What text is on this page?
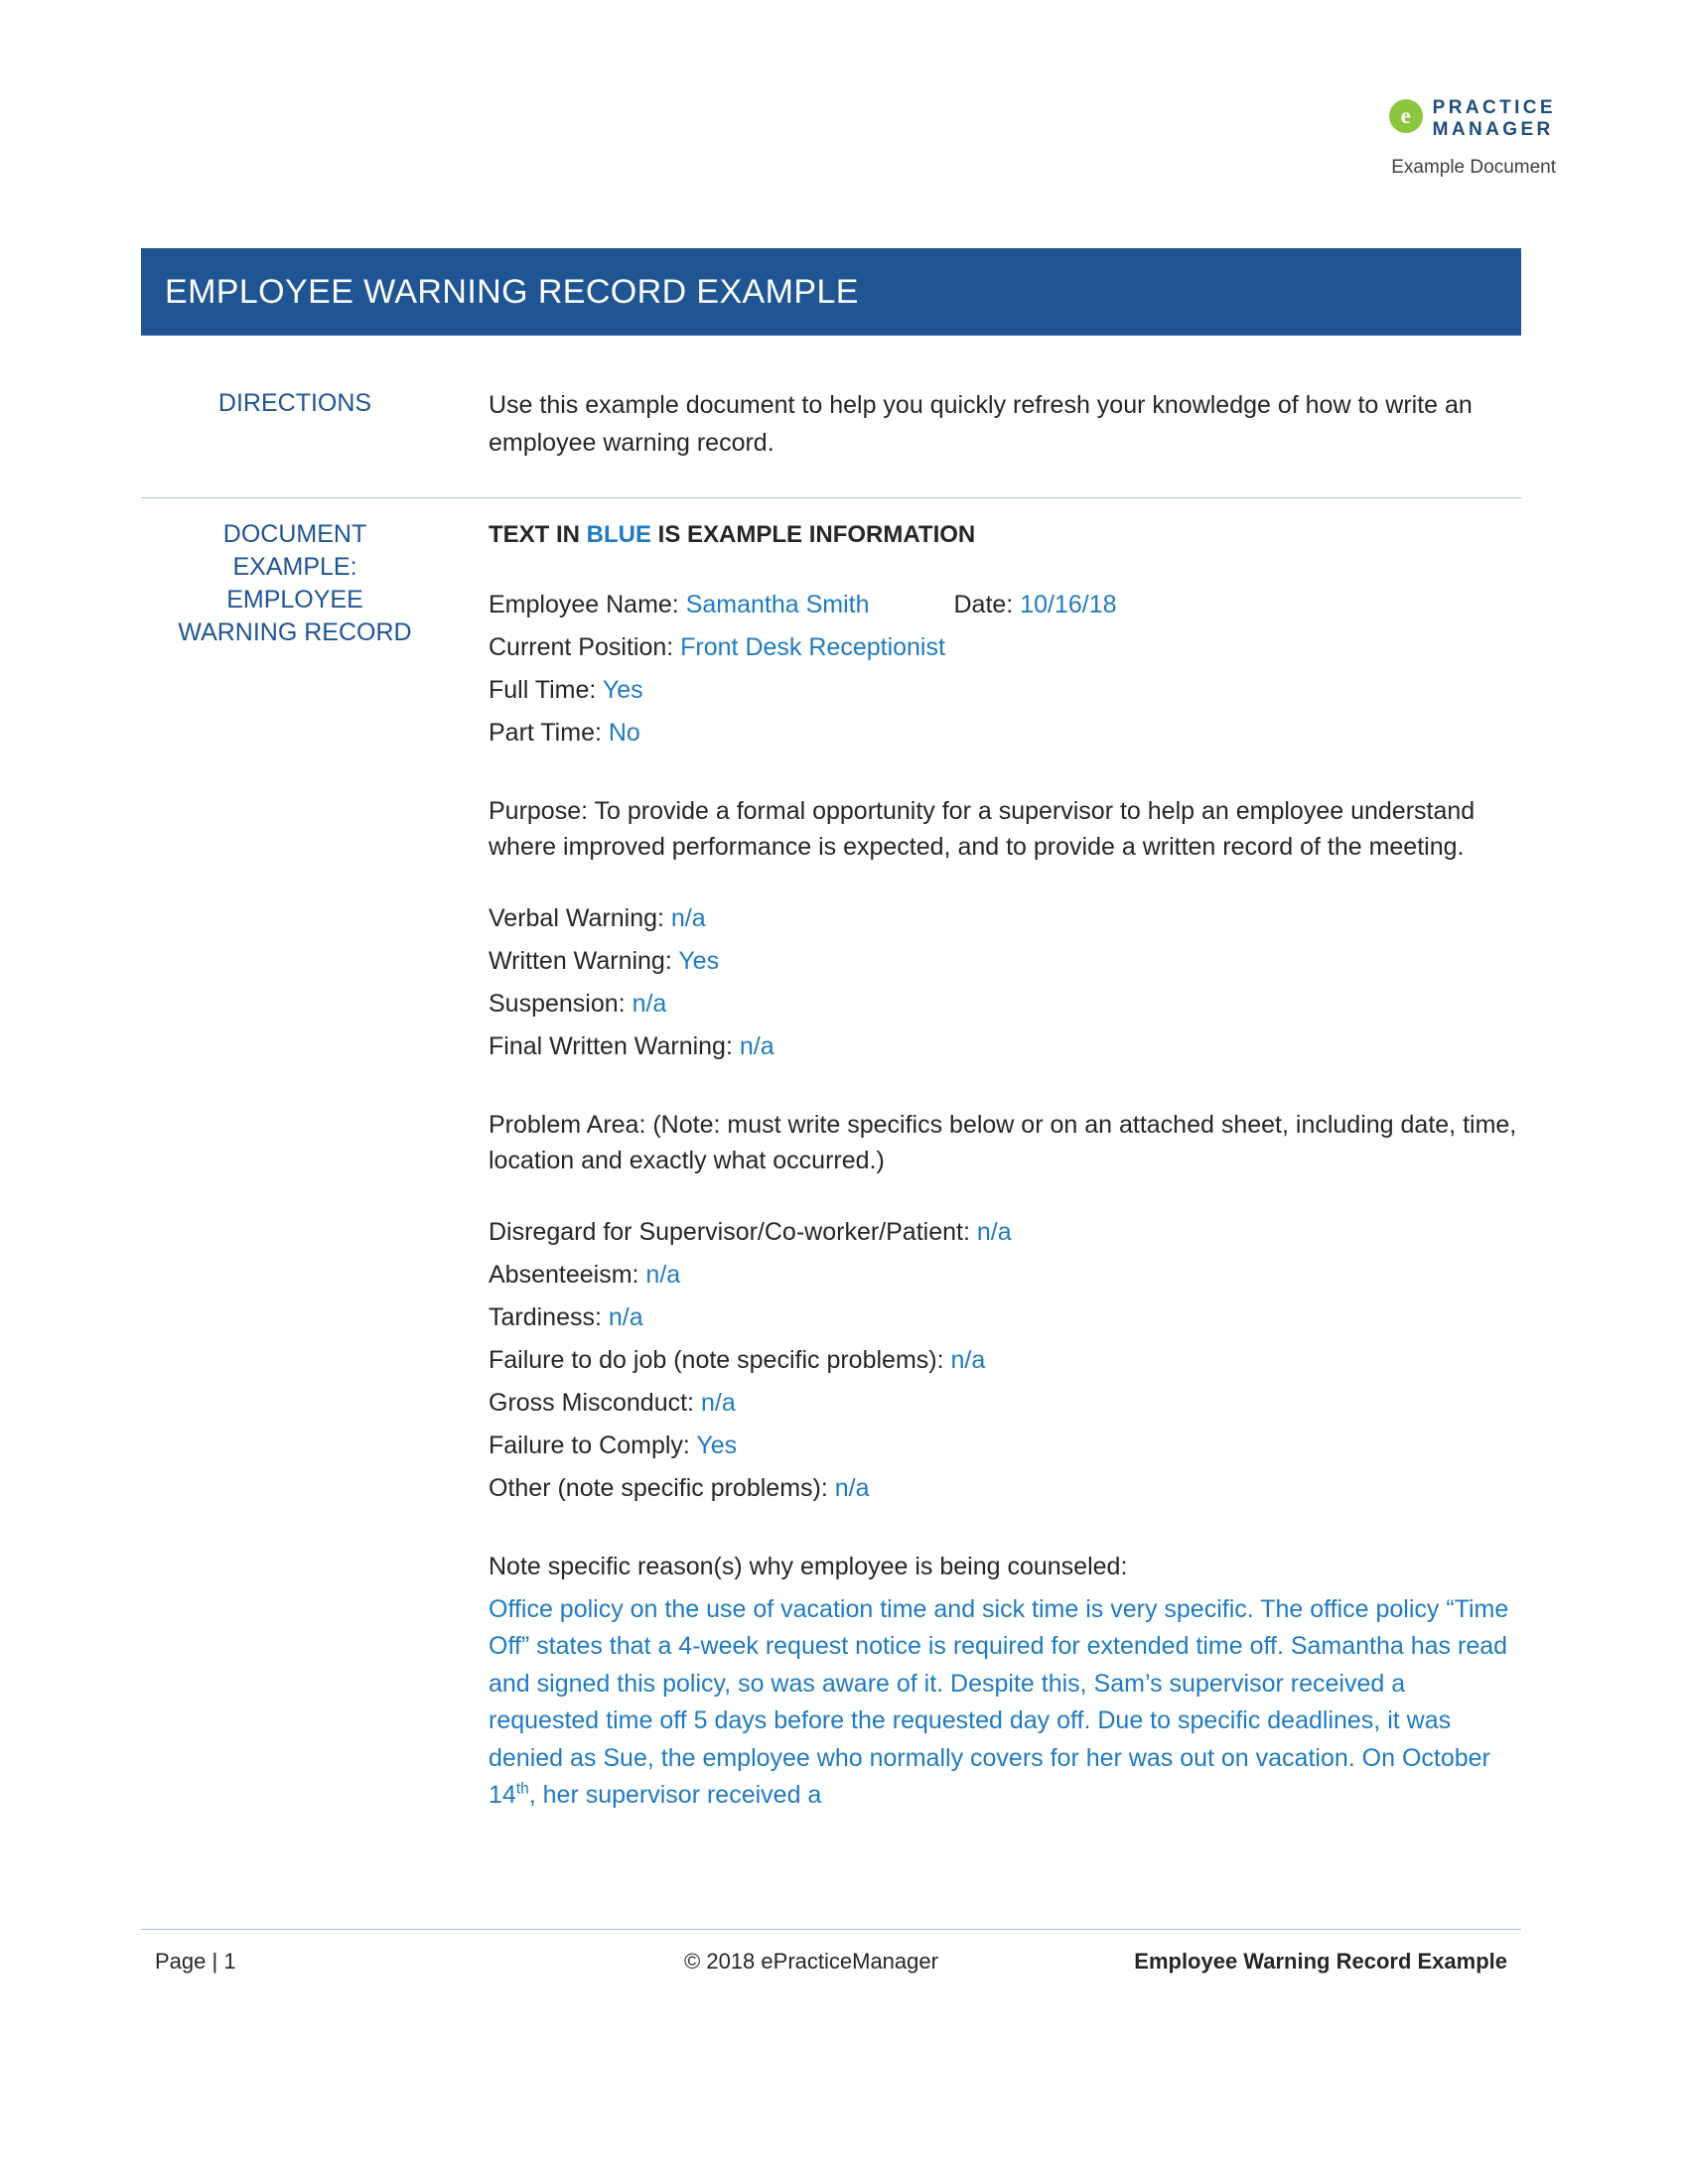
e	PRACTICE
MANAGER
Example Document
EMPLOYEE WARNING RECORD EXAMPLE
DIRECTIONS	Use this example document to help you quickly refresh your knowledge of how to write an employee warning record.
DOCUMENT
EXAMPLE:
EMPLOYEE
WARNING RECORD
TEXT IN BLUE IS EXAMPLE INFORMATION
Employee Name: Samantha Smith	Date: 10/16/18
Current Position: Front Desk Receptionist
Full Time: Yes
Part Time: No
Purpose: To provide a formal opportunity for a supervisor to help an employee understand where improved performance is expected, and to provide a written record of the meeting.
Verbal Warning: n/a
Written Warning: Yes
Suspension: n/a
Final Written Warning: n/a
Problem Area: (Note: must write specifics below or on an attached sheet, including date, time, location and exactly what occurred.)
Disregard for Supervisor/Co-worker/Patient: n/a
Absenteeism: n/a
Tardiness: n/a
Failure to do job (note specific problems): n/a
Gross Misconduct: n/a
Failure to Comply: Yes
Other (note specific problems): n/a
Note specific reason(s) why employee is being counseled:
Office policy on the use of vacation time and sick time is very specific. The office policy “Time Off” states that a 4-week request notice is required for extended time off. Samantha has read and signed this policy, so was aware of it. Despite this, Sam’s supervisor received a requested time off 5 days before the requested day off. Due to specific deadlines, it was denied as Sue, the employee who normally covers for her was out on vacation. On October 14th, her supervisor received a
Page | 1	© 2018 ePracticeManager	Employee Warning Record Example
